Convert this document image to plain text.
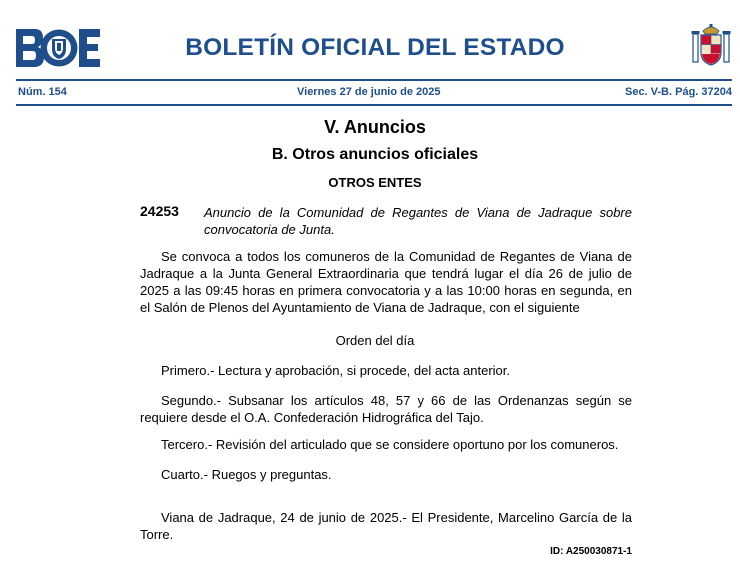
BOLETÍN OFICIAL DEL ESTADO
Núm. 154	Viernes 27 de junio de 2025	Sec. V-B. Pág. 37204
V. Anuncios
B. Otros anuncios oficiales
OTROS ENTES
24253 Anuncio de la Comunidad de Regantes de Viana de Jadraque sobre convocatoria de Junta.
Se convoca a todos los comuneros de la Comunidad de Regantes de Viana de Jadraque a la Junta General Extraordinaria que tendrá lugar el día 26 de julio de 2025 a las 09:45 horas en primera convocatoria y a las 10:00 horas en segunda, en el Salón de Plenos del Ayuntamiento de Viana de Jadraque, con el siguiente
Orden del día
Primero.- Lectura y aprobación, si procede, del acta anterior.
Segundo.- Subsanar los artículos 48, 57 y 66 de las Ordenanzas según se requiere desde el O.A. Confederación Hidrográfica del Tajo.
Tercero.- Revisión del articulado que se considere oportuno por los comuneros.
Cuarto.- Ruegos y preguntas.
Viana de Jadraque, 24 de junio de 2025.- El Presidente, Marcelino García de la Torre.
ID: A250030871-1
